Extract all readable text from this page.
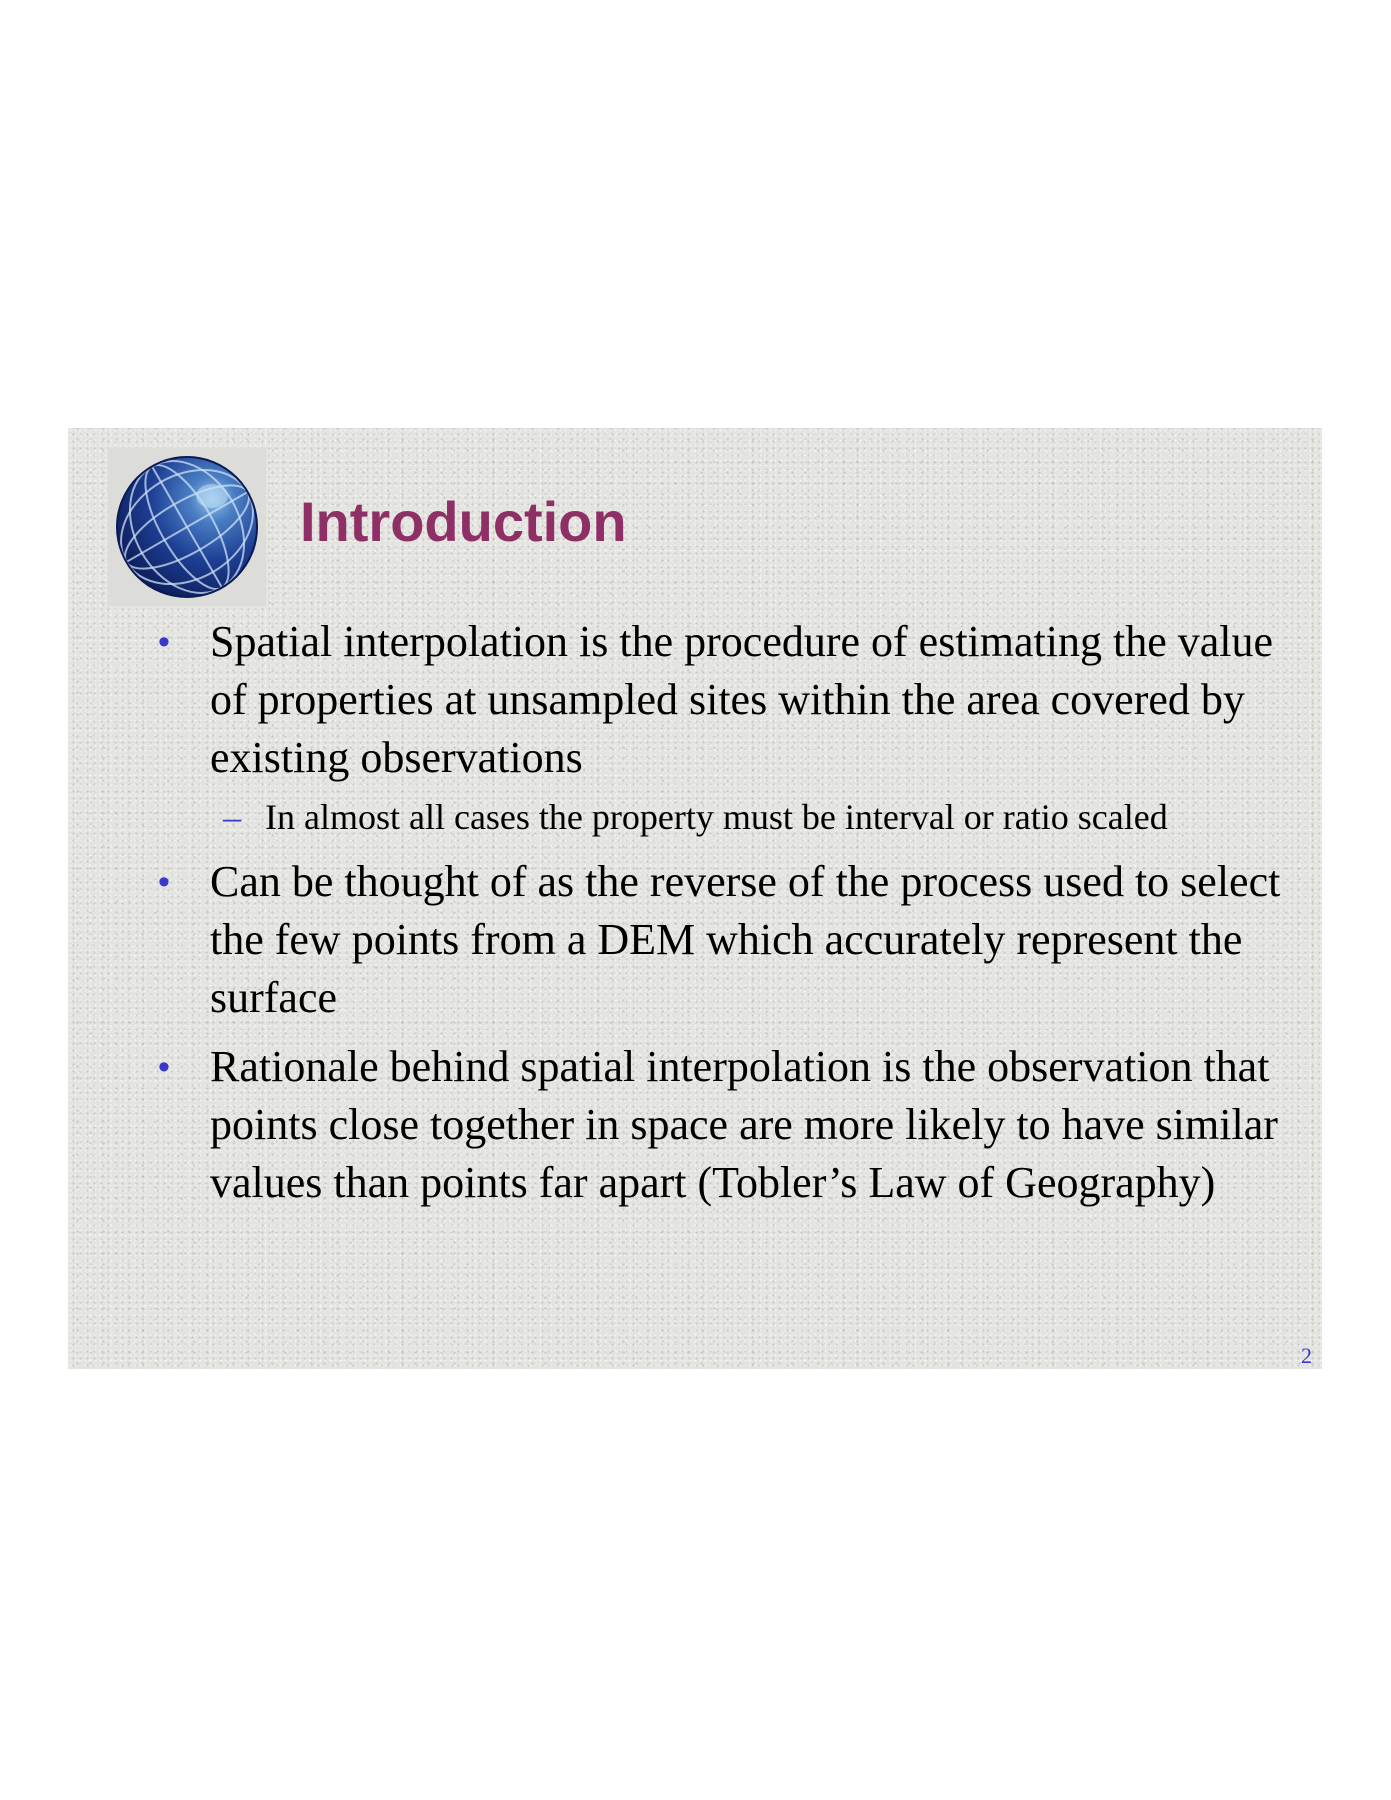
Introduction

• Spatial interpolation is the procedure of estimating the value of properties at unsampled sites within the area covered by existing observations

– In almost all cases the property must be interval or ratio scaled

• Can be thought of as the reverse of the process used to select the few points from a DEM which accurately represent the surface

• Rationale behind spatial interpolation is the observation that points close together in space are more likely to have similar values than points far apart (Tobler’s Law of Geography)

2
